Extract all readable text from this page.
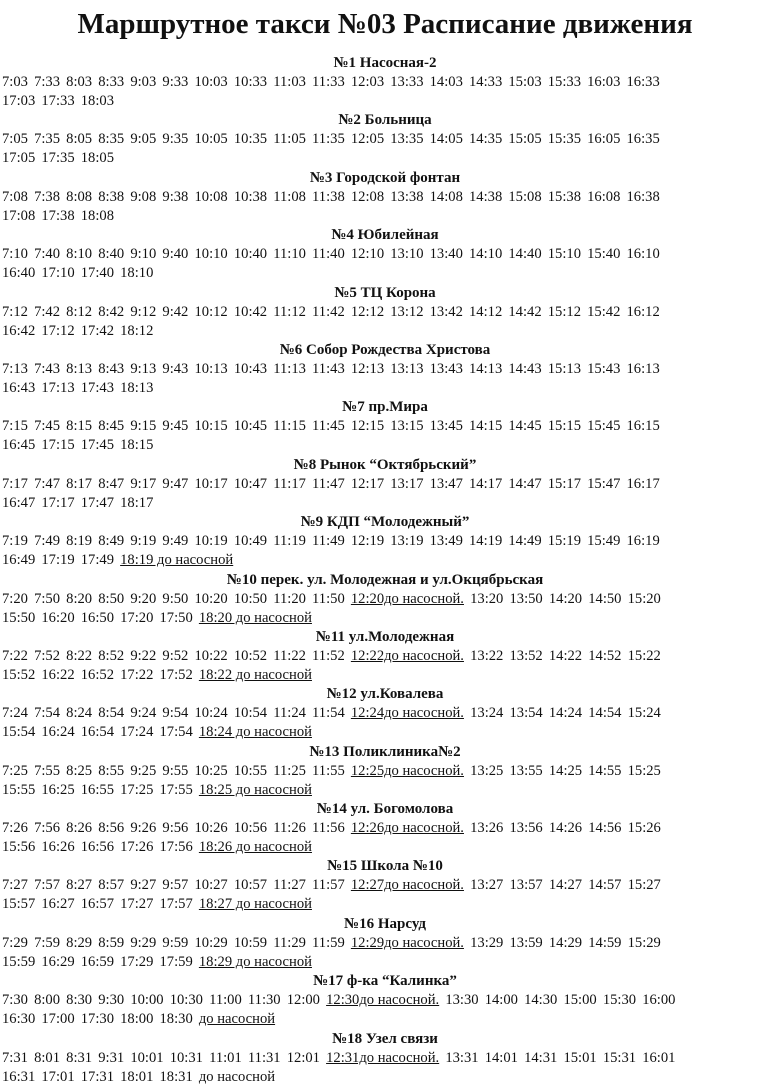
Маршрутное такси №03 Расписание движения
№1 Насосная-2
7:03 7:33 8:03 8:33 9:03 9:33 10:03 10:33 11:03 11:33 12:03 13:33 14:03 14:33 15:03 15:33 16:03 16:33
17:03 17:33 18:03
№2 Больница
7:05 7:35 8:05 8:35 9:05 9:35 10:05 10:35 11:05 11:35 12:05 13:35 14:05 14:35 15:05 15:35 16:05 16:35
17:05 17:35 18:05
№3 Городской фонтан
7:08 7:38 8:08 8:38 9:08 9:38 10:08 10:38 11:08 11:38 12:08 13:38 14:08 14:38 15:08 15:38 16:08 16:38
17:08 17:38 18:08
№4 Юбилейная
7:10 7:40 8:10 8:40 9:10 9:40 10:10 10:40 11:10 11:40 12:10 13:10 13:40 14:10 14:40 15:10 15:40 16:10
16:40 17:10 17:40 18:10
№5 ТЦ Корона
7:12 7:42 8:12 8:42 9:12 9:42 10:12 10:42 11:12 11:42 12:12 13:12 13:42 14:12 14:42 15:12 15:42 16:12
16:42 17:12 17:42 18:12
№6 Собор Рождества Христова
7:13 7:43 8:13 8:43 9:13 9:43 10:13 10:43 11:13 11:43 12:13 13:13 13:43 14:13 14:43 15:13 15:43 16:13
16:43 17:13 17:43 18:13
№7 пр.Мира
7:15 7:45 8:15 8:45 9:15 9:45 10:15 10:45 11:15 11:45 12:15 13:15 13:45 14:15 14:45 15:15 15:45 16:15
16:45 17:15 17:45 18:15
№8 Рынок “Октябрьский”
7:17 7:47 8:17 8:47 9:17 9:47 10:17 10:47 11:17 11:47 12:17 13:17 13:47 14:17 14:47 15:17 15:47 16:17
16:47 17:17 17:47 18:17
№9 КДП “Молодежный”
7:19 7:49 8:19 8:49 9:19 9:49 10:19 10:49 11:19 11:49 12:19 13:19 13:49 14:19 14:49 15:19 15:49 16:19
16:49 17:19 17:49 18:19 до насосной
№10 перек. ул. Молодежная и ул.Окцябрьская
7:20 7:50 8:20 8:50 9:20 9:50 10:20 10:50 11:20 11:50 12:20до насосной. 13:20 13:50 14:20 14:50 15:20
15:50 16:20 16:50 17:20 17:50 18:20 до насосной
№11 ул.Молодежная
7:22 7:52 8:22 8:52 9:22 9:52 10:22 10:52 11:22 11:52 12:22до насосной. 13:22 13:52 14:22 14:52 15:22
15:52 16:22 16:52 17:22 17:52 18:22 до насосной
№12 ул.Ковалева
7:24 7:54 8:24 8:54 9:24 9:54 10:24 10:54 11:24 11:54 12:24до насосной. 13:24 13:54 14:24 14:54 15:24
15:54 16:24 16:54 17:24 17:54 18:24 до насосной
№13 Поликлиника№2
7:25 7:55 8:25 8:55 9:25 9:55 10:25 10:55 11:25 11:55 12:25до насосной. 13:25 13:55 14:25 14:55 15:25
15:55 16:25 16:55 17:25 17:55 18:25 до насосной
№14 ул. Богомолова
7:26 7:56 8:26 8:56 9:26 9:56 10:26 10:56 11:26 11:56 12:26до насосной. 13:26 13:56 14:26 14:56 15:26
15:56 16:26 16:56 17:26 17:56 18:26 до насосной
№15 Школа №10
7:27 7:57 8:27 8:57 9:27 9:57 10:27 10:57 11:27 11:57 12:27до насосной. 13:27 13:57 14:27 14:57 15:27
15:57 16:27 16:57 17:27 17:57 18:27 до насосной
№16 Нарсуд
7:29 7:59 8:29 8:59 9:29 9:59 10:29 10:59 11:29 11:59 12:29до насосной. 13:29 13:59 14:29 14:59 15:29
15:59 16:29 16:59 17:29 17:59 18:29 до насосной
№17 ф-ка “Калинка”
7:30 8:00 8:30 9:30 10:00 10:30 11:00 11:30 12:00 12:30до насосной. 13:30 14:00 14:30 15:00 15:30 16:00
16:30 17:00 17:30 18:00 18:30 до насосной
№18 Узел связи
7:31 8:01 8:31 9:31 10:01 10:31 11:01 11:31 12:01 12:31до насосной. 13:31 14:01 14:31 15:01 15:31 16:01
16:31 17:01 17:31 18:01 18:31 до насосной
